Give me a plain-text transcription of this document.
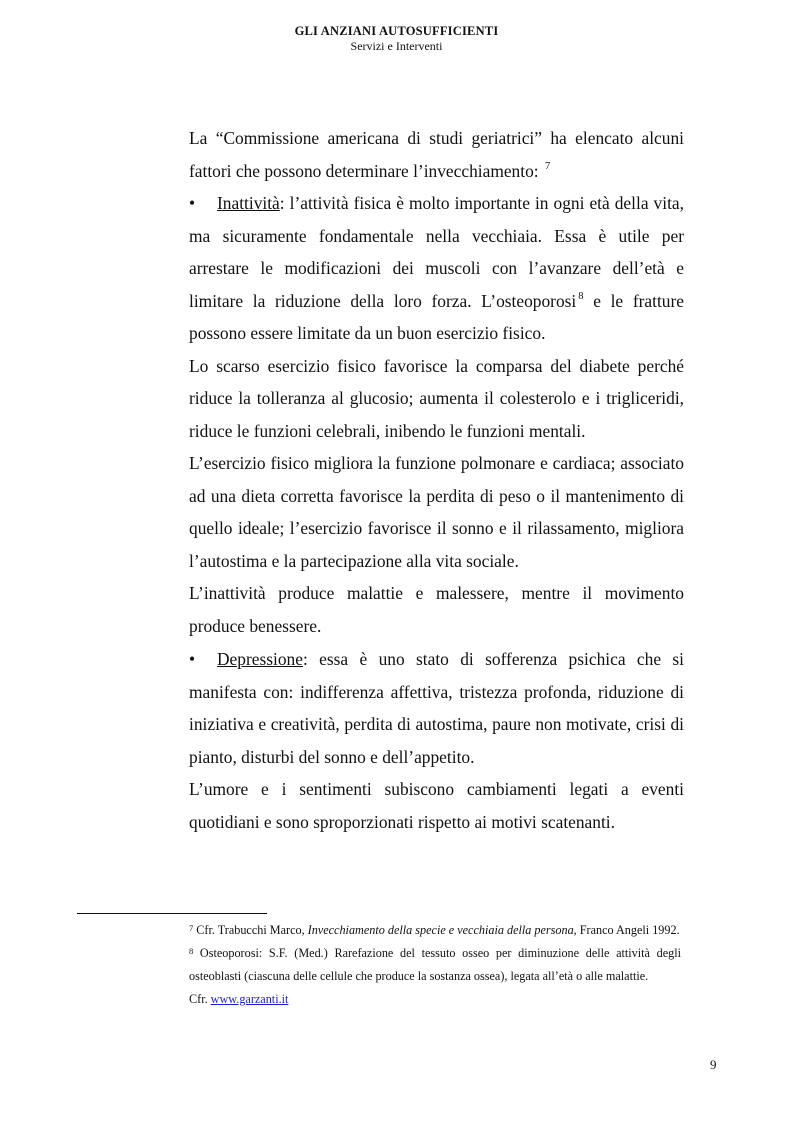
GLI ANZIANI AUTOSUFFICIENTI
Servizi e Interventi

La “Commissione americana di studi geriatrici” ha elencato alcuni fattori che possono determinare l’invecchiamento: $^7$

• Inattività: l’attività fisica è molto importante in ogni età della vita, ma sicuramente fondamentale nella vecchiaia. Essa è utile per arrestare le modificazioni dei muscoli con l’avanzare dell’età e limitare la riduzione della loro forza. L’osteoporosi $^8$ e le fratture possono essere limitate da un buon esercizio fisico.

Lo scarso esercizio fisico favorisce la comparsa del diabete perché riduce la tolleranza al glucosio; aumenta il colesterolo e i trigliceridi, riduce le funzioni celebrali, inibendo le funzioni mentali.

L’esercizio fisico migliora la funzione polmonare e cardiaca; associato ad una dieta corretta favorisce la perdita di peso o il mantenimento di quello ideale; l’esercizio favorisce il sonno e il rilassamento, migliora l’autostima e la partecipazione alla vita sociale.

L’inattività produce malattie e malessere, mentre il movimento produce benessere.

• Depressione: essa è uno stato di sofferenza psichica che si manifesta con: indifferenza affettiva, tristezza profonda, riduzione di iniziativa e creatività, perdita di autostima, paure non motivate, crisi di pianto, disturbi del sonno e dell’appetito.

L’umore e i sentimenti subiscono cambiamenti legati a eventi quotidiani e sono sproporzionati rispetto ai motivi scatenanti.

$^7$ Cfr. Trabucchi Marco, Invecchiamento della specie e vecchiaia della persona, Franco Angeli 1992.

$^8$ Osteoporosi: S.F. (Med.) Rarefazione del tessuto osseo per diminuzione delle attività degli osteoblasti (ciascuna delle cellule che produce la sostanza ossea), legata all’età o alle malattie.

Cfr. www.garzanti.it

9
